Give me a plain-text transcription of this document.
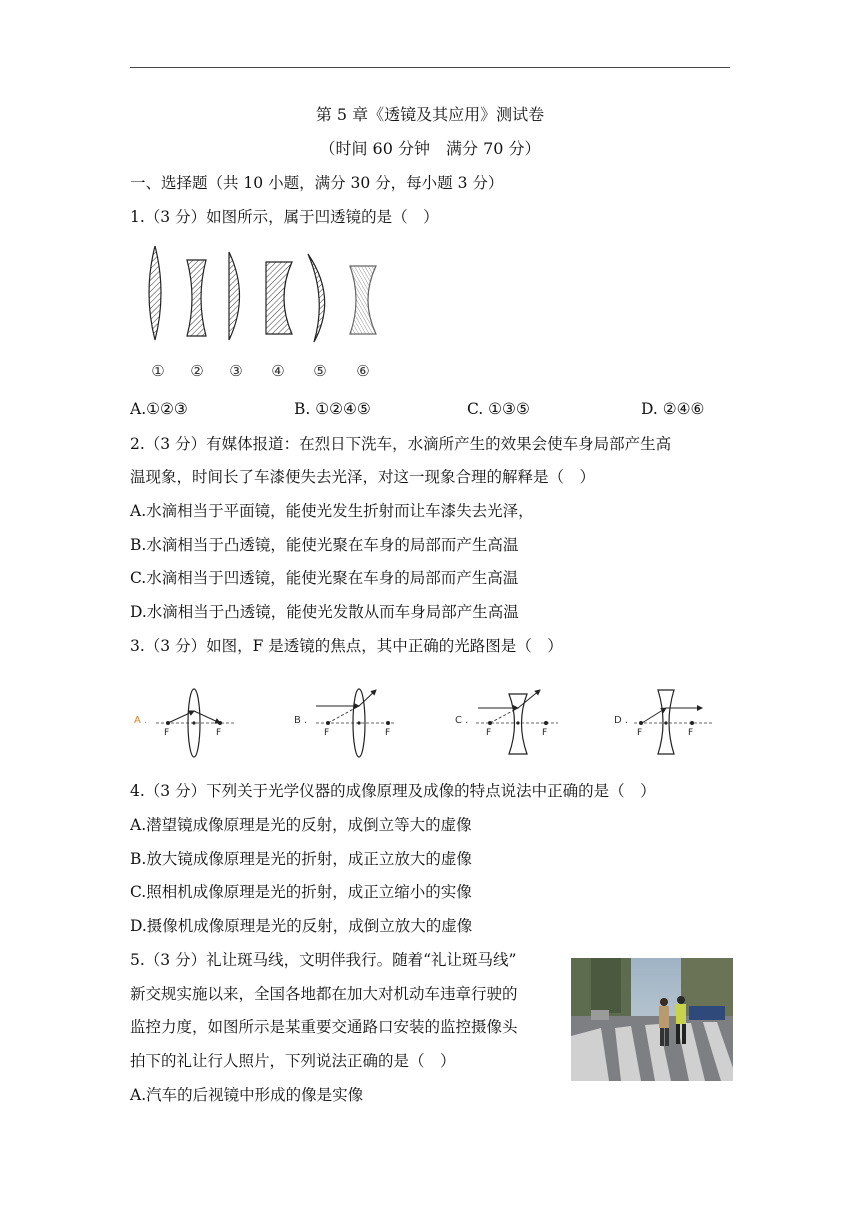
第 5 章《透镜及其应用》测试卷
（时间 60 分钟　满分 70 分）
一、选择题（共 10 小题，满分 30 分，每小题 3 分）
1.（3 分）如图所示，属于凹透镜的是（　）
① ② ③ ④ ⑤ ⑥
A.①②③	B. ①②④⑤	C. ①③⑤	D. ②④⑥
2.（3 分）有媒体报道：在烈日下洗车，水滴所产生的效果会使车身局部产生高
温现象，时间长了车漆便失去光泽，对这一现象合理的解释是（　）
A.水滴相当于平面镜，能使光发生折射而让车漆失去光泽，
B.水滴相当于凸透镜，能使光聚在车身的局部而产生高温
C.水滴相当于凹透镜，能使光聚在车身的局部而产生高温
D.水滴相当于凸透镜，能使光发散从而车身局部产生高温
3.（3 分）如图，F 是透镜的焦点，其中正确的光路图是（　）
A .
F	F
B .
F	F
C .
F	F
D .
F	F
4.（3 分）下列关于光学仪器的成像原理及成像的特点说法中正确的是（　）
A.潜望镜成像原理是光的反射，成倒立等大的虚像
B.放大镜成像原理是光的折射，成正立放大的虚像
C.照相机成像原理是光的折射，成正立缩小的实像
D.摄像机成像原理是光的反射，成倒立放大的虚像
5.（3 分）礼让斑马线，文明伴我行。随着“礼让斑马线”
新交规实施以来，全国各地都在加大对机动车违章行驶的
监控力度，如图所示是某重要交通路口安装的监控摄像头
拍下的礼让行人照片，下列说法正确的是（　）
A.汽车的后视镜中形成的像是实像
